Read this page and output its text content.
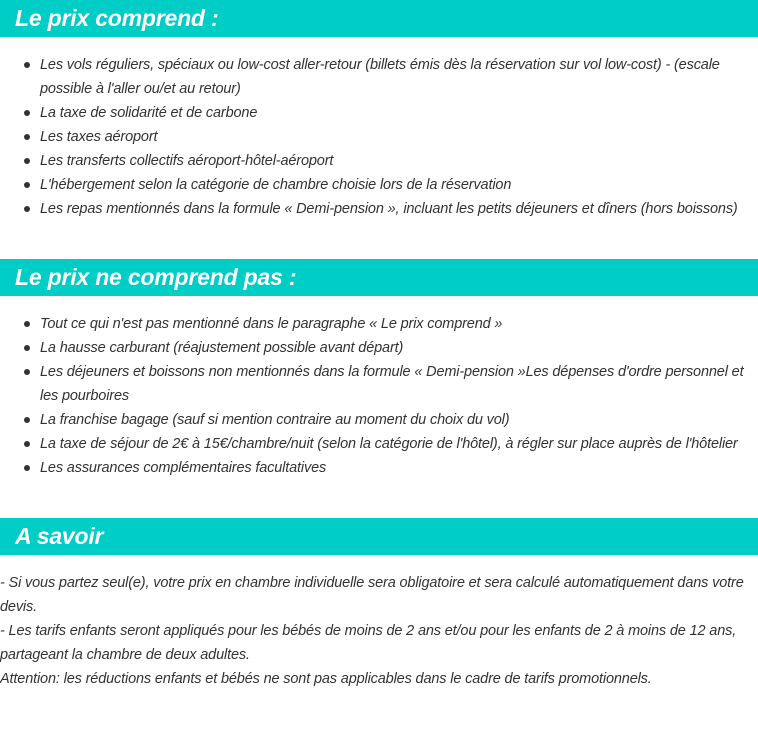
Le prix comprend :
Les vols réguliers, spéciaux ou low-cost aller-retour (billets émis dès la réservation sur vol low-cost) - (escale possible à l'aller ou/et au retour)
La taxe de solidarité et de carbone
Les taxes aéroport
Les transferts collectifs aéroport-hôtel-aéroport
L'hébergement selon la catégorie de chambre choisie lors de la réservation
Les repas mentionnés dans la formule « Demi-pension », incluant les petits déjeuners et dîners (hors boissons)
Le prix ne comprend pas :
Tout ce qui n'est pas mentionné dans le paragraphe « Le prix comprend »
La hausse carburant (réajustement possible avant départ)
Les déjeuners et boissons non mentionnés dans la formule « Demi-pension »Les dépenses d'ordre personnel et les pourboires
La franchise bagage (sauf si mention contraire au moment du choix du vol)
La taxe de séjour de 2€ à 15€/chambre/nuit (selon la catégorie de l'hôtel), à régler sur place auprès de l'hôtelier
Les assurances complémentaires facultatives
A savoir

- Si vous partez seul(e), votre prix en chambre individuelle sera obligatoire et sera calculé automatiquement dans votre devis.

- Les tarifs enfants seront appliqués pour les bébés de moins de 2 ans et/ou pour les enfants de 2 à moins de 12 ans, partageant la chambre de deux adultes.

Attention: les réductions enfants et bébés ne sont pas applicables dans le cadre de tarifs promotionnels.
